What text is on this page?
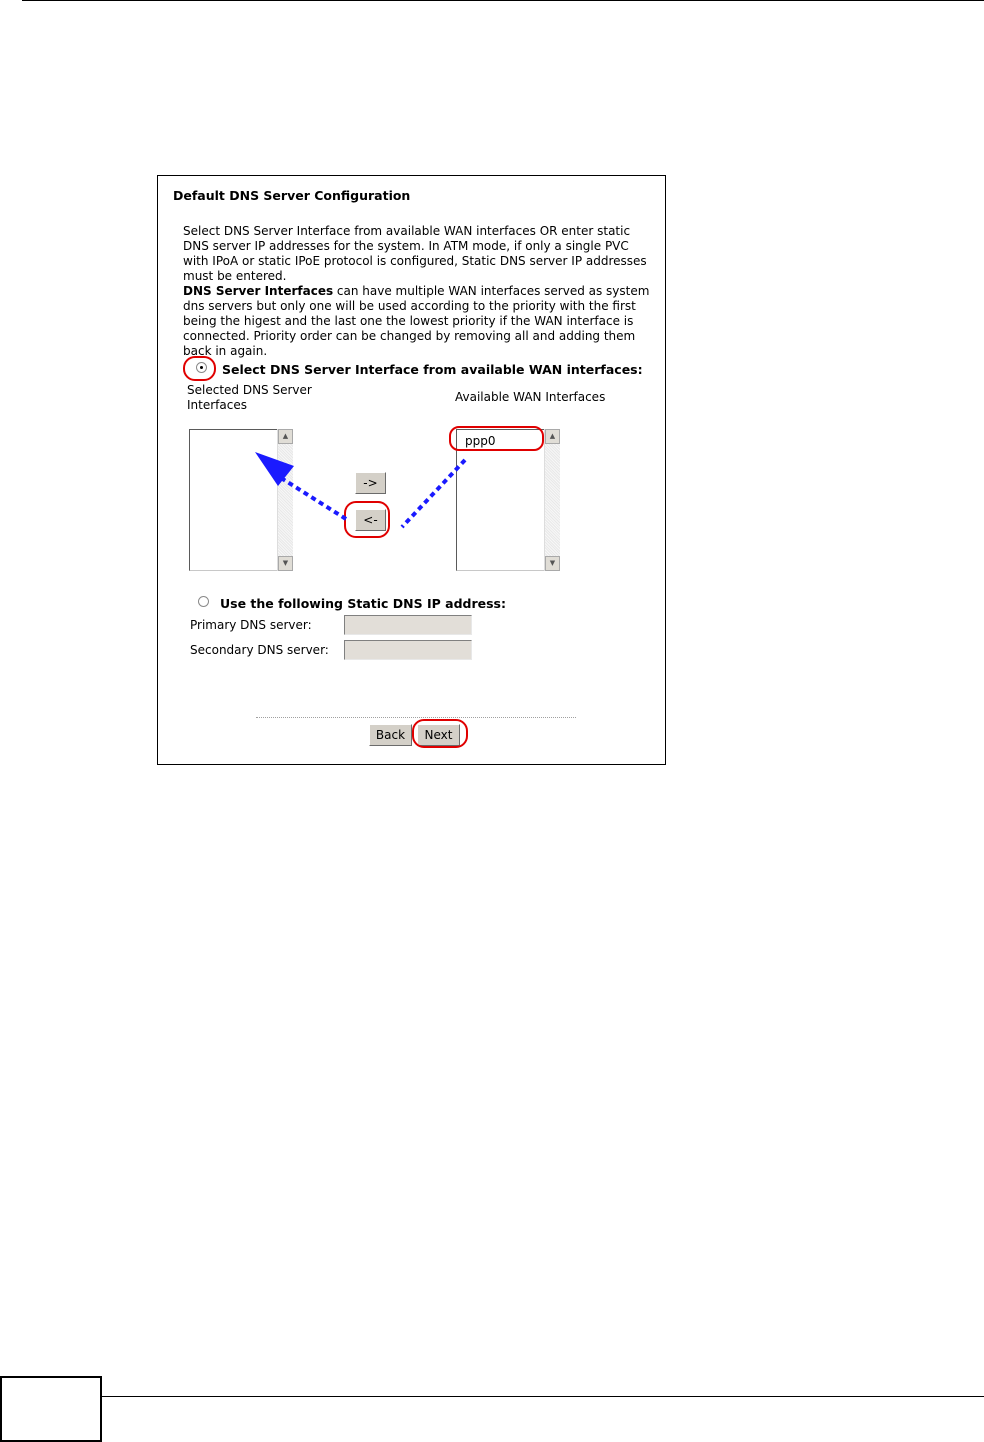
Default DNS Server Configuration
Select DNS Server Interface from available WAN interfaces OR enter static
DNS server IP addresses for the system. In ATM mode, if only a single PVC
with IPoA or static IPoE protocol is configured, Static DNS server IP addresses
must be entered.
DNS Server Interfaces can have multiple WAN interfaces served as system
dns servers but only one will be used according to the priority with the first
being the higest and the last one the lowest priority if the WAN interface is
connected. Priority order can be changed by removing all and adding them
back in again.
Select DNS Server Interface from available WAN interfaces:
Selected DNS Server
Interfaces
Available WAN Interfaces
▲
▼
->
<-
ppp0	▲
▼
Use the following Static DNS IP address:
Primary DNS server:
Secondary DNS server:
Back	Next
